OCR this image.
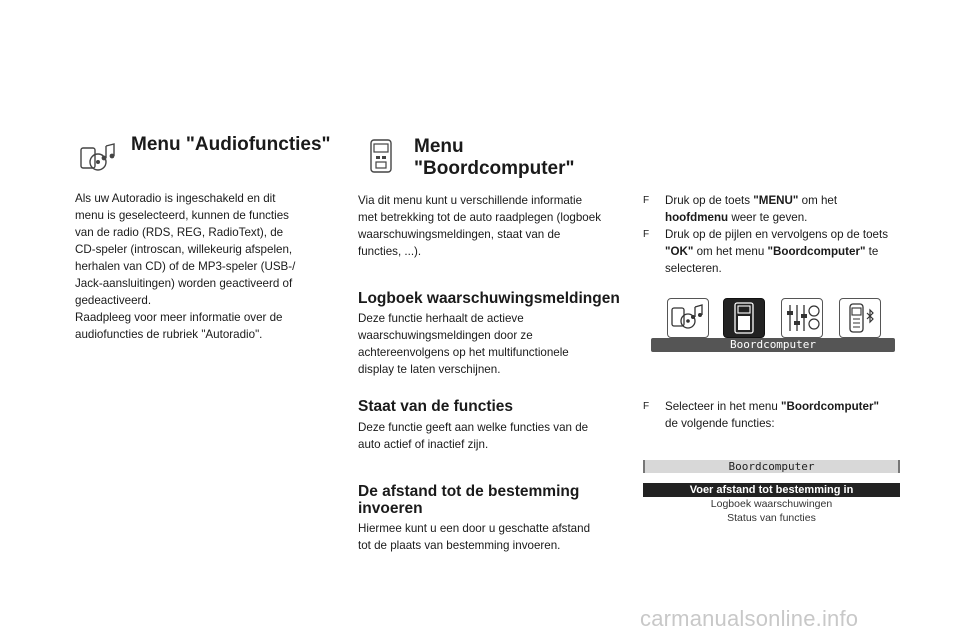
Menu "Audiofuncties"

Als uw Autoradio is ingeschakeld en dit

menu is geselecteerd, kunnen de functies

van de radio (RDS, REG, RadioText), de

CD-speler (introscan, willekeurig afspelen,

herhalen van CD) of de MP3-speler (USB-/

Jack-aansluitingen) worden geactiveerd of

gedeactiveerd.

Raadpleeg voor meer informatie over de

audiofuncties de rubriek "Autoradio".

Menu
"Boordcomputer"

Via dit menu kunt u verschillende informatie

met betrekking tot de auto raadplegen (logboek

waarschuwingsmeldingen, staat van de

functies, ...).

Logboek waarschuwingsmeldingen

Deze functie herhaalt de actieve

waarschuwingsmeldingen door ze

achtereenvolgens op het multifunctionele

display te laten verschijnen.

Staat van de functies

Deze functie geeft aan welke functies van de

auto actief of inactief zijn.

De afstand tot de bestemming
invoeren

Hiermee kunt u een door u geschatte afstand

tot de plaats van bestemming invoeren.

F Druk op de toets "MENU" om het
hoofdmenu weer te geven.
F Druk op de pijlen en vervolgens op de toets
"OK" om het menu "Boordcomputer" te
selecteren.
Boordcomputer
F Selecteer in het menu "Boordcomputer"
de volgende functies:
Boordcomputer
Voer afstand tot bestemming in
Logboek waarschuwingen
Status van functies
carmanualsonline.info
